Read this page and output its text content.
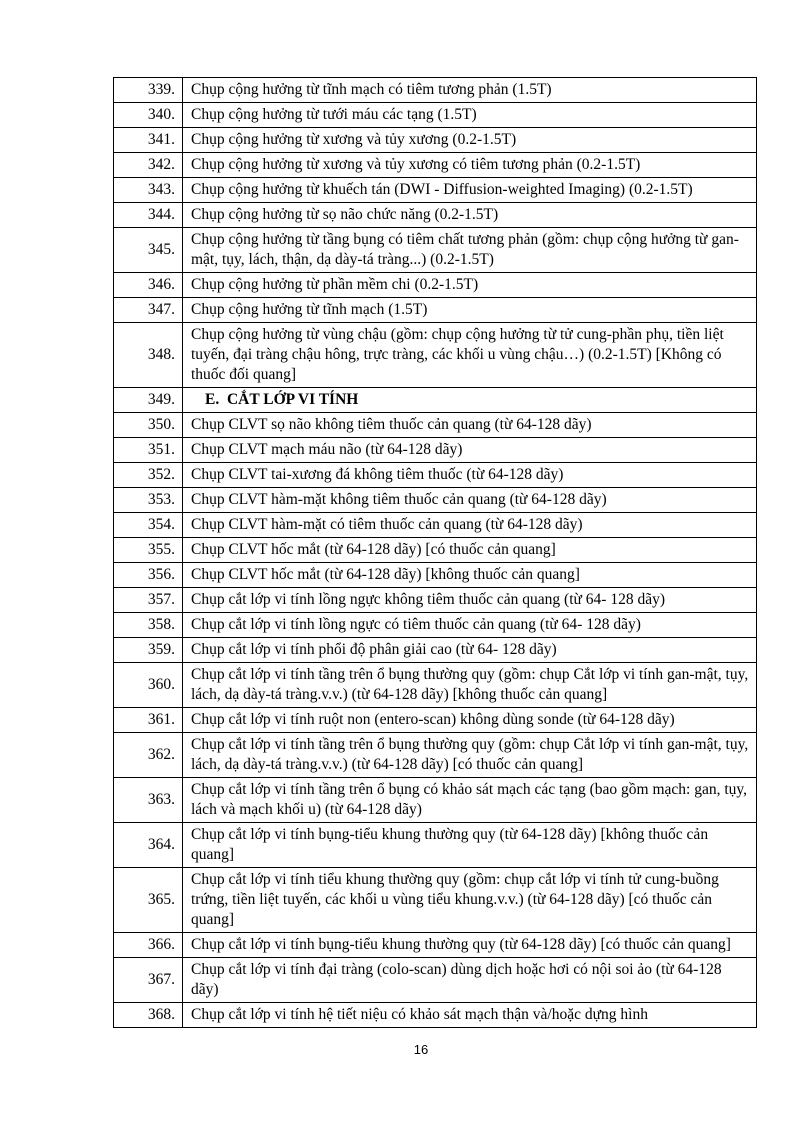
339.	Chụp cộng hưởng từ tĩnh mạch có tiêm tương phản (1.5T)
340.	Chụp cộng hưởng từ tưới máu các tạng (1.5T)
341.	Chụp cộng hưởng từ xương và tủy xương (0.2-1.5T)
342.	Chụp cộng hưởng từ xương và tủy xương có tiêm tương phản (0.2-1.5T)
343.	Chụp cộng hưởng từ khuếch tán (DWI - Diffusion-weighted Imaging) (0.2-1.5T)
344.	Chụp cộng hưởng từ sọ não chức năng (0.2-1.5T)
345.	Chụp cộng hưởng từ tầng bụng có tiêm chất tương phản (gồm: chụp cộng hưởng từ gan-mật, tụy, lách, thận, dạ dày-tá tràng...) (0.2-1.5T)
346.	Chụp cộng hưởng từ phần mềm chi (0.2-1.5T)
347.	Chụp cộng hưởng từ tĩnh mạch (1.5T)
348.	Chụp cộng hưởng từ vùng chậu (gồm: chụp cộng hưởng từ tử cung-phần phụ, tiền liệt tuyến, đại tràng chậu hông, trực tràng, các khối u vùng chậu…) (0.2-1.5T) [Không có thuốc đối quang]
349.	E.  CẮT LỚP VI TÍNH
350.	Chụp CLVT sọ não không tiêm thuốc cản quang (từ 64-128 dãy)
351.	Chụp CLVT mạch máu não (từ 64-128 dãy)
352.	Chụp CLVT tai-xương đá không tiêm thuốc (từ 64-128 dãy)
353.	Chụp CLVT hàm-mặt không tiêm thuốc cản quang (từ 64-128 dãy)
354.	Chụp CLVT hàm-mặt có tiêm thuốc cản quang (từ 64-128 dãy)
355.	Chụp CLVT hốc mắt (từ 64-128 dãy) [có thuốc cản quang]
356.	Chụp CLVT hốc mắt (từ 64-128 dãy) [không thuốc cản quang]
357.	Chụp cắt lớp vi tính lồng ngực không tiêm thuốc cản quang (từ 64- 128 dãy)
358.	Chụp cắt lớp vi tính lồng ngực có tiêm thuốc cản quang (từ 64- 128 dãy)
359.	Chụp cắt lớp vi tính phổi độ phân giải cao (từ 64- 128 dãy)
360.	Chụp cắt lớp vi tính tầng trên ổ bụng thường quy (gồm: chụp Cắt lớp vi tính gan-mật, tụy, lách, dạ dày-tá tràng.v.v.) (từ 64-128 dãy) [không thuốc cản quang]
361.	Chụp cắt lớp vi tính ruột non (entero-scan) không dùng sonde (từ 64-128 dãy)
362.	Chụp cắt lớp vi tính tầng trên ổ bụng thường quy (gồm: chụp Cắt lớp vi tính gan-mật, tụy, lách, dạ dày-tá tràng.v.v.) (từ 64-128 dãy) [có thuốc cản quang]
363.	Chụp cắt lớp vi tính tầng trên ổ bụng có khảo sát mạch các tạng (bao gồm mạch: gan, tụy, lách và mạch khối u) (từ 64-128 dãy)
364.	Chụp cắt lớp vi tính bụng-tiểu khung thường quy (từ 64-128 dãy) [không thuốc cản quang]
365.	Chụp cắt lớp vi tính tiểu khung thường quy (gồm: chụp cắt lớp vi tính tử cung-buồng trứng, tiền liệt tuyến, các khối u vùng tiểu khung.v.v.) (từ 64-128 dãy) [có thuốc cản quang]
366.	Chụp cắt lớp vi tính bụng-tiểu khung thường quy (từ 64-128 dãy) [có thuốc cản quang]
367.	Chụp cắt lớp vi tính đại tràng (colo-scan) dùng dịch hoặc hơi có nội soi ảo (từ 64-128 dãy)
368.	Chụp cắt lớp vi tính hệ tiết niệu có khảo sát mạch thận và/hoặc dựng hình
16
